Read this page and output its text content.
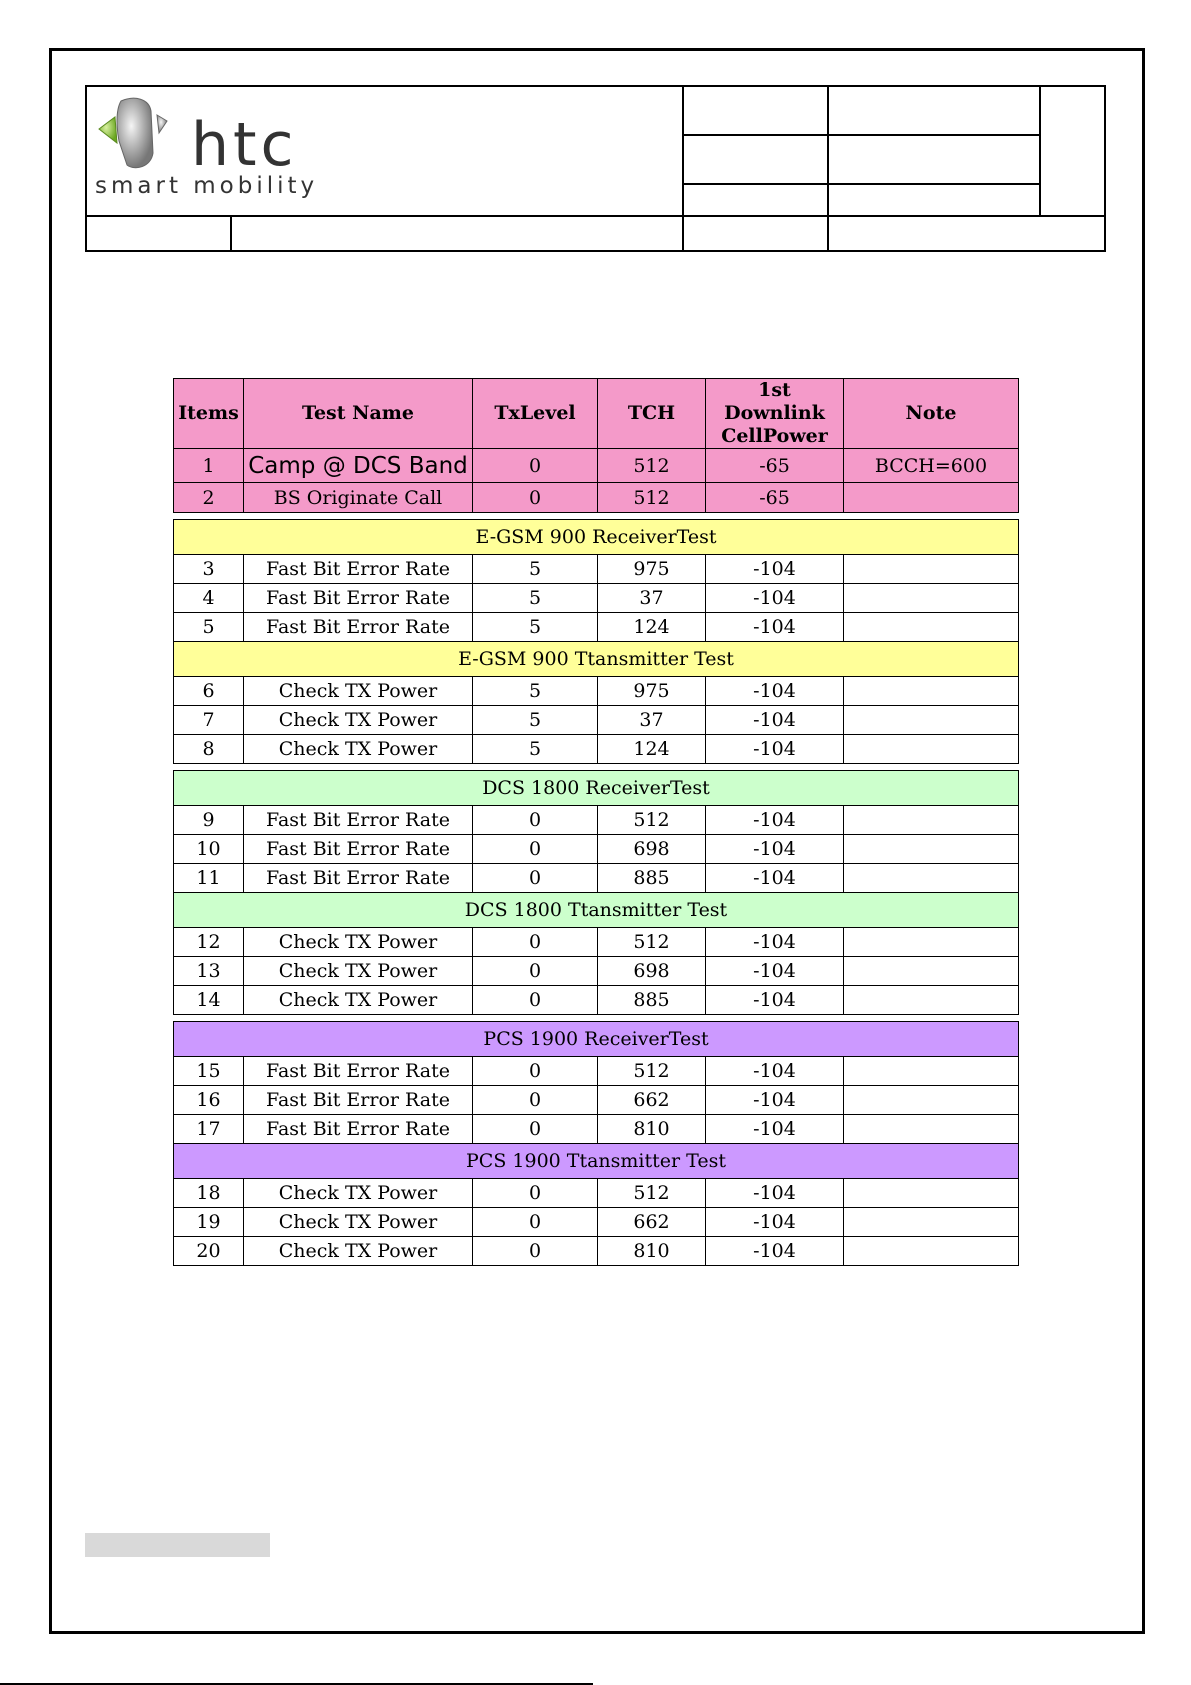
htc
smart mobility
Items	Test Name	TxLevel	TCH	1st Downlink CellPower	Note
1	Camp @ DCS Band	0	512	-65	BCCH=600
2	BS Originate Call	0	512	-65	

E-GSM 900 ReceiverTest					
3	Fast Bit Error Rate	5	975	-104	
4	Fast Bit Error Rate	5	37	-104	
5	Fast Bit Error Rate	5	124	-104	
E-GSM 900 Ttansmitter Test					
6	Check TX Power	5	975	-104	
7	Check TX Power	5	37	-104	
8	Check TX Power	5	124	-104	

DCS 1800 ReceiverTest					
9	Fast Bit Error Rate	0	512	-104	
10	Fast Bit Error Rate	0	698	-104	
11	Fast Bit Error Rate	0	885	-104	
DCS 1800 Ttansmitter Test					
12	Check TX Power	0	512	-104	
13	Check TX Power	0	698	-104	
14	Check TX Power	0	885	-104	

PCS 1900 ReceiverTest					
15	Fast Bit Error Rate	0	512	-104	
16	Fast Bit Error Rate	0	662	-104	
17	Fast Bit Error Rate	0	810	-104	
PCS 1900 Ttansmitter Test					
18	Check TX Power	0	512	-104	
19	Check TX Power	0	662	-104	
20	Check TX Power	0	810	-104	
